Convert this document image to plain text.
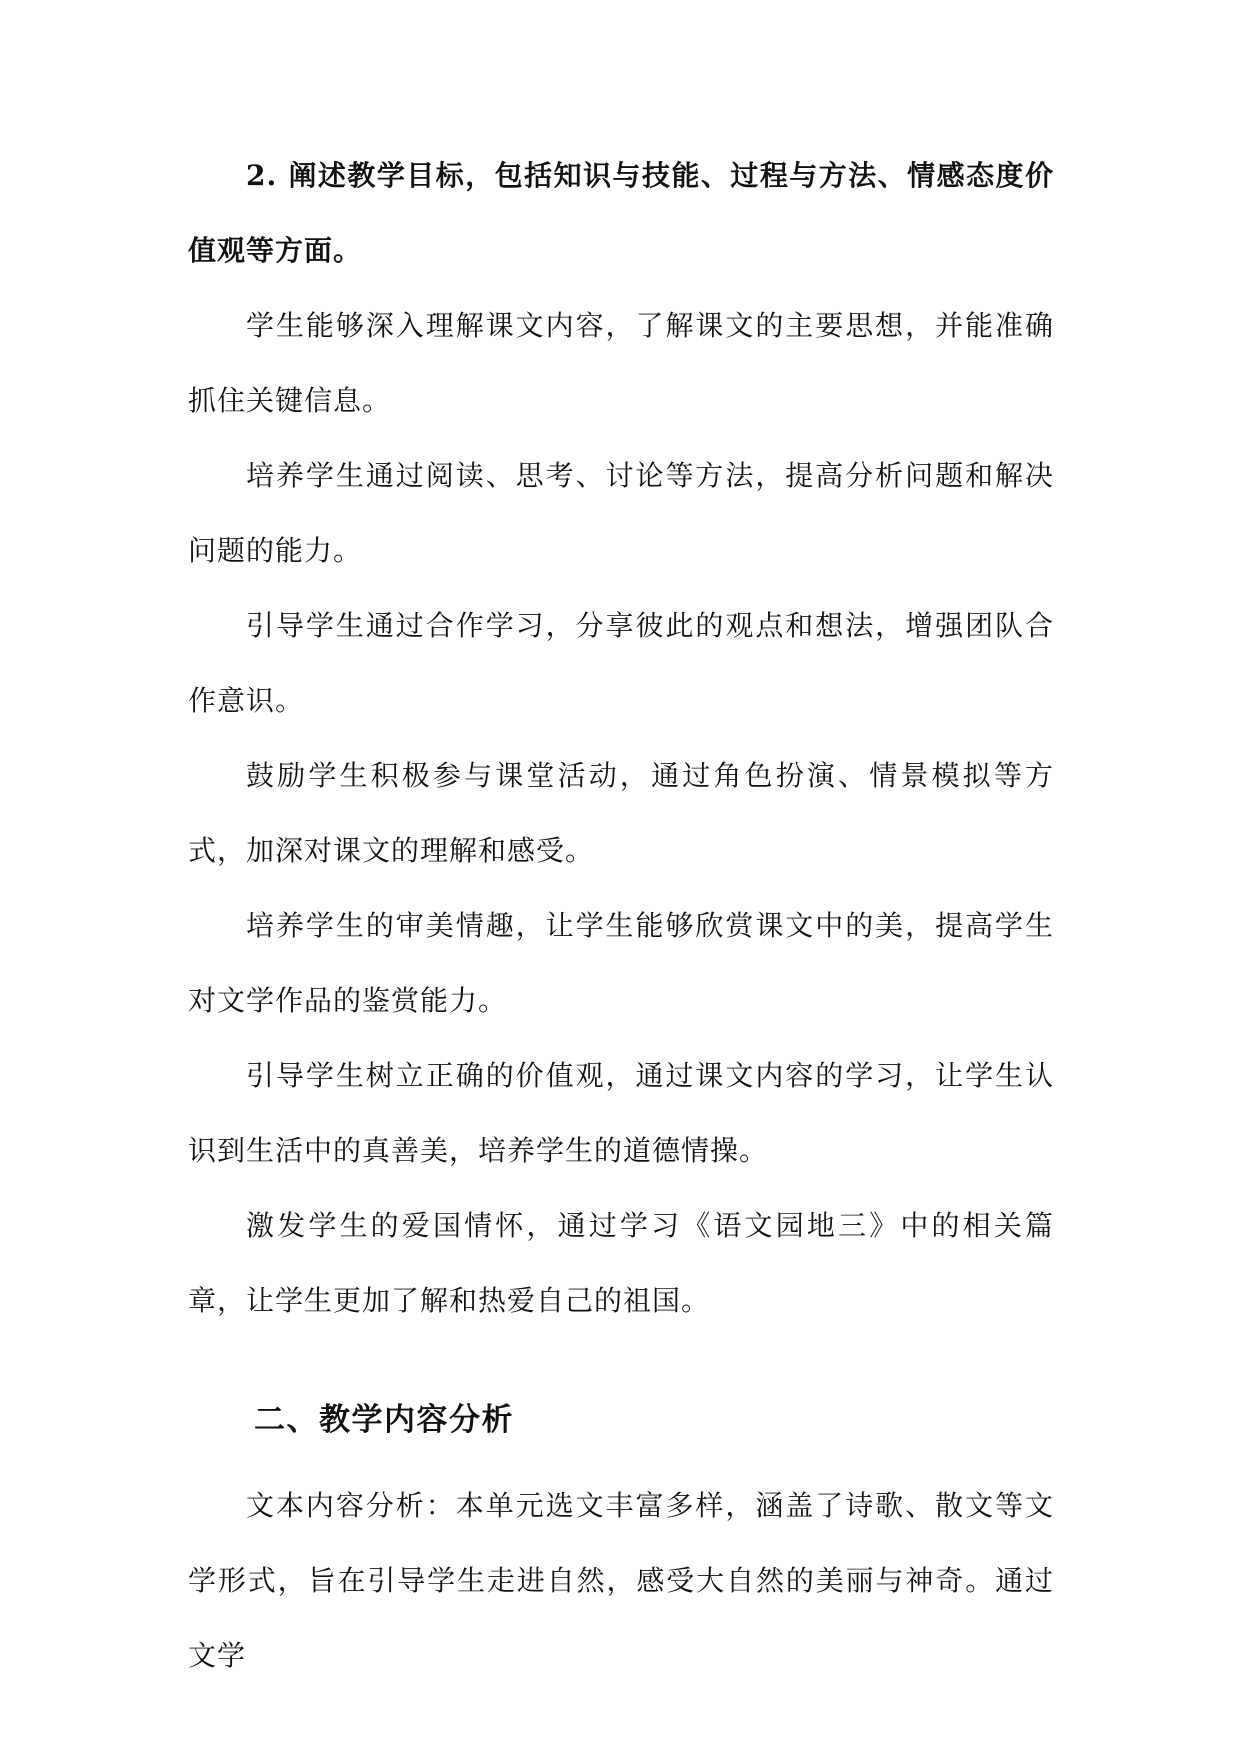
2. 阐述教学目标，包括知识与技能、过程与方法、情感态度价值观等方面。

学生能够深入理解课文内容，了解课文的主要思想，并能准确抓住关键信息。

培养学生通过阅读、思考、讨论等方法，提高分析问题和解决问题的能力。

引导学生通过合作学习，分享彼此的观点和想法，增强团队合作意识。

鼓励学生积极参与课堂活动，通过角色扮演、情景模拟等方式，加深对课文的理解和感受。

培养学生的审美情趣，让学生能够欣赏课文中的美，提高学生对文学作品的鉴赏能力。

引导学生树立正确的价值观，通过课文内容的学习，让学生认识到生活中的真善美，培养学生的道德情操。

激发学生的爱国情怀，通过学习《语文园地三》中的相关篇章，让学生更加了解和热爱自己的祖国。

二、教学内容分析

文本内容分析：本单元选文丰富多样，涵盖了诗歌、散文等文学形式，旨在引导学生走进自然，感受大自然的美丽与神奇。通过文学
